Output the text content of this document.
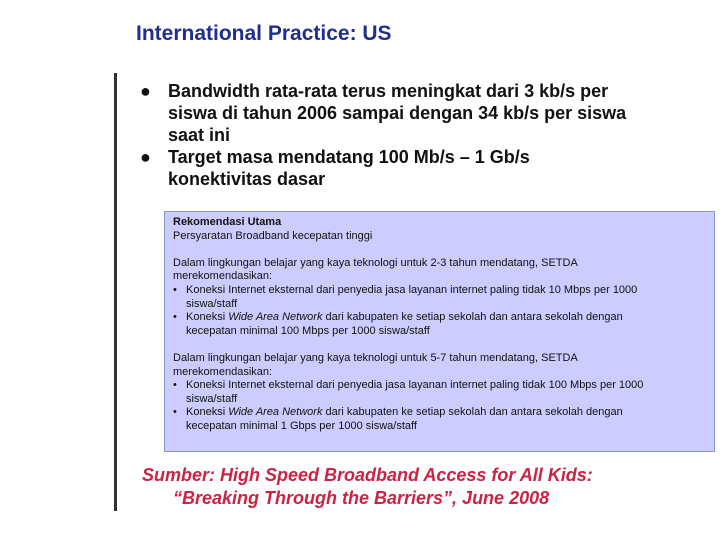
International Practice: US
● Bandwidth rata-rata terus meningkat dari 3 kb/s per
siswa di tahun 2006 sampai dengan 34 kb/s per siswa
saat ini
● Target masa mendatang 100 Mb/s – 1 Gb/s
konektivitas dasar
Rekomendasi Utama
Persyaratan Broadband kecepatan tinggi
Dalam lingkungan belajar yang kaya teknologi untuk 2-3 tahun mendatang, SETDA
merekomendasikan:
• Koneksi Internet eksternal dari penyedia jasa layanan internet paling tidak 10 Mbps per 1000
siswa/staff
• Koneksi Wide Area Network dari kabupaten ke setiap sekolah dan antara sekolah dengan
kecepatan minimal 100 Mbps per 1000 siswa/staff
Dalam lingkungan belajar yang kaya teknologi untuk 5-7 tahun mendatang, SETDA
merekomendasikan:
• Koneksi Internet eksternal dari penyedia jasa layanan internet paling tidak 100 Mbps per 1000
siswa/staff
• Koneksi Wide Area Network dari kabupaten ke setiap sekolah dan antara sekolah dengan
kecepatan minimal 1 Gbps per 1000 siswa/staff
Sumber: High Speed Broadband Access for All Kids:
“Breaking Through the Barriers”, June 2008
